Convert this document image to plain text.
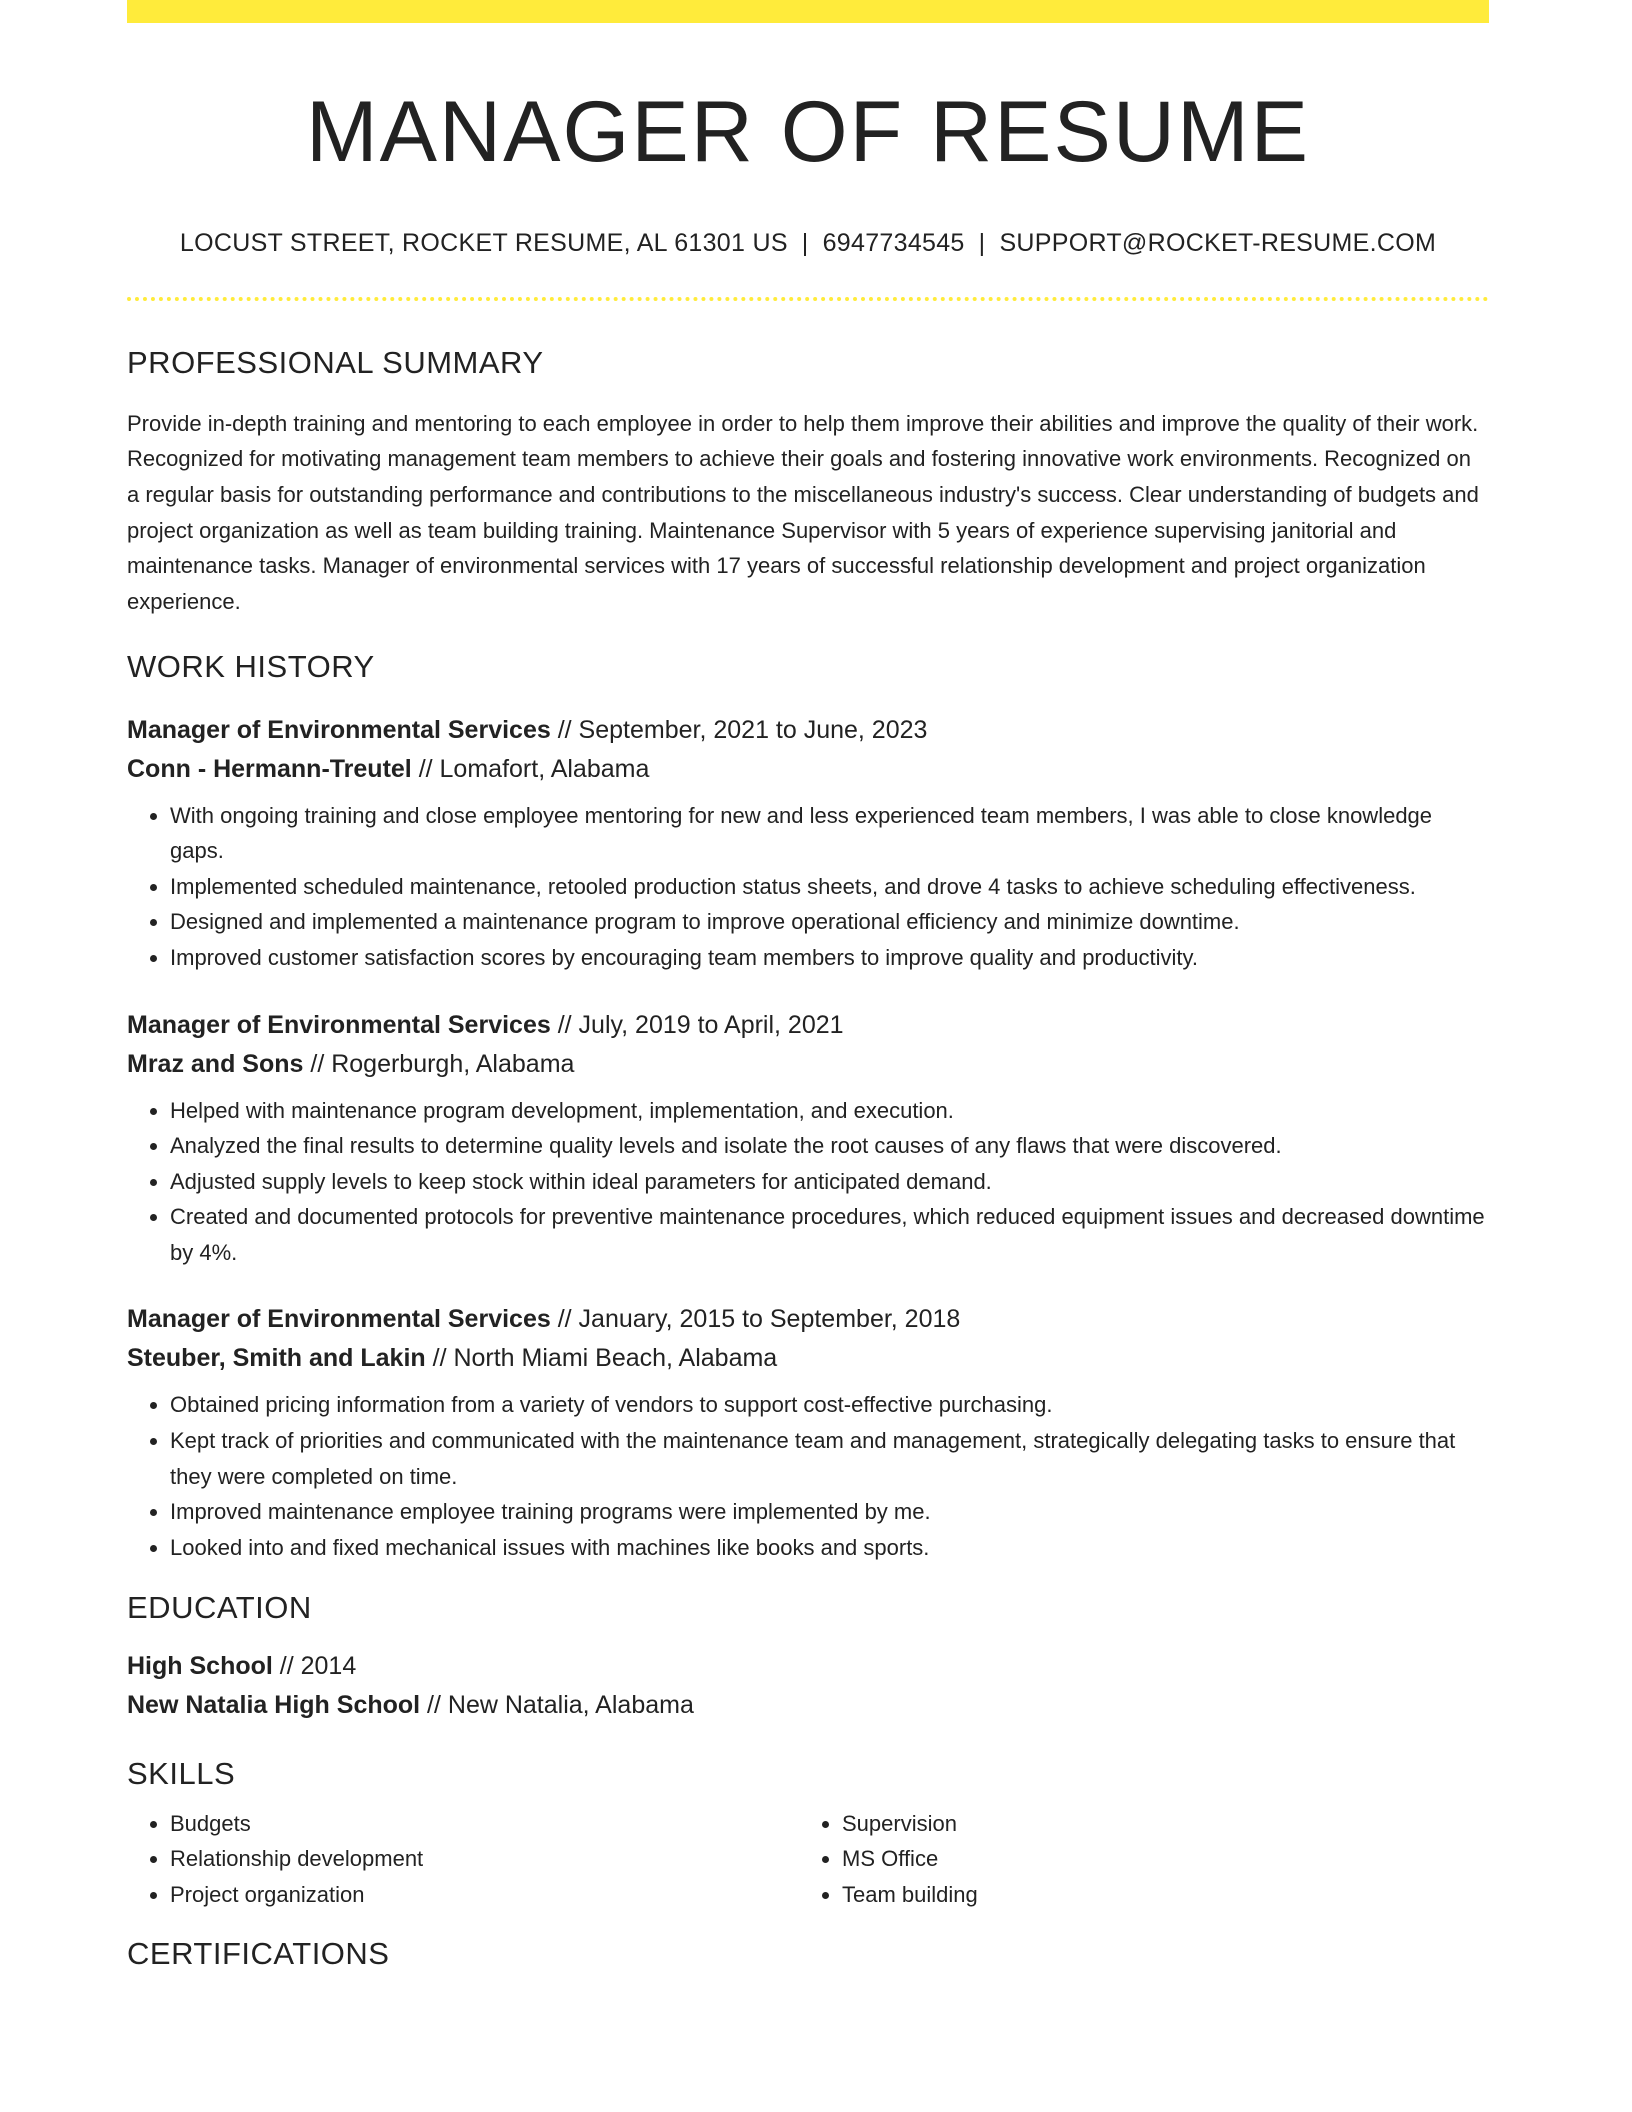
MANAGER OF RESUME
LOCUST STREET, ROCKET RESUME, AL 61301 US | 6947734545 | SUPPORT@ROCKET-RESUME.COM
PROFESSIONAL SUMMARY
Provide in-depth training and mentoring to each employee in order to help them improve their abilities and improve the quality of their work. Recognized for motivating management team members to achieve their goals and fostering innovative work environments. Recognized on a regular basis for outstanding performance and contributions to the miscellaneous industry's success. Clear understanding of budgets and project organization as well as team building training. Maintenance Supervisor with 5 years of experience supervising janitorial and maintenance tasks. Manager of environmental services with 17 years of successful relationship development and project organization experience.
WORK HISTORY
Manager of Environmental Services // September, 2021 to June, 2023
Conn - Hermann-Treutel // Lomafort, Alabama
• With ongoing training and close employee mentoring for new and less experienced team members, I was able to close knowledge gaps.
• Implemented scheduled maintenance, retooled production status sheets, and drove 4 tasks to achieve scheduling effectiveness.
• Designed and implemented a maintenance program to improve operational efficiency and minimize downtime.
• Improved customer satisfaction scores by encouraging team members to improve quality and productivity.
Manager of Environmental Services // July, 2019 to April, 2021
Mraz and Sons // Rogerburgh, Alabama
• Helped with maintenance program development, implementation, and execution.
• Analyzed the final results to determine quality levels and isolate the root causes of any flaws that were discovered.
• Adjusted supply levels to keep stock within ideal parameters for anticipated demand.
• Created and documented protocols for preventive maintenance procedures, which reduced equipment issues and decreased downtime by 4%.
Manager of Environmental Services // January, 2015 to September, 2018
Steuber, Smith and Lakin // North Miami Beach, Alabama
• Obtained pricing information from a variety of vendors to support cost-effective purchasing.
• Kept track of priorities and communicated with the maintenance team and management, strategically delegating tasks to ensure that they were completed on time.
• Improved maintenance employee training programs were implemented by me.
• Looked into and fixed mechanical issues with machines like books and sports.
EDUCATION
High School // 2014
New Natalia High School // New Natalia, Alabama
SKILLS
• Budgets
• Relationship development
• Project organization
• Supervision
• MS Office
• Team building
CERTIFICATIONS
